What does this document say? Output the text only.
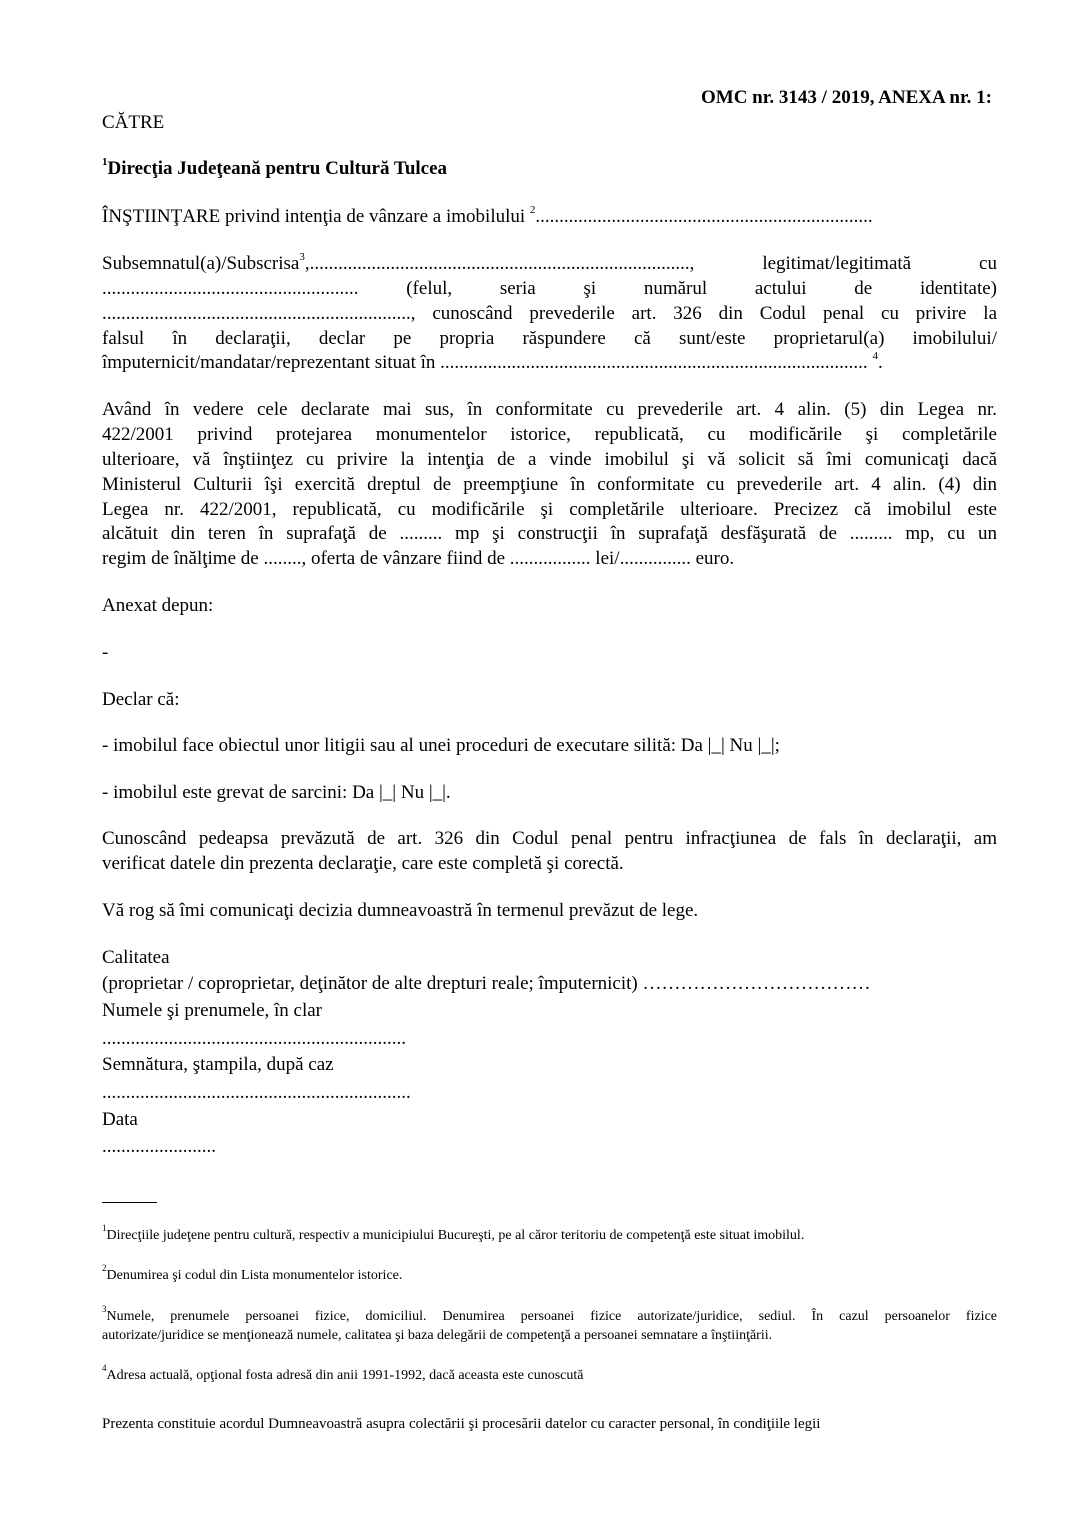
OMC nr. 3143 / 2019, ANEXA nr. 1:
CĂTRE
$^1$Direcţia Judeţeană pentru Cultură Tulcea
ÎNŞTIINŢARE privind intenţia de vânzare a imobilului $^2$.......................................................................
Subsemnatul(a)/Subscrisa$^3$,................................................................................, legitimat/legitimată cu
...................................................... (felul, seria şi numărul actului de identitate)
................................................................., cunoscând prevederile art. 326 din Codul penal cu privire la
falsul în declaraţii, declar pe propria răspundere că sunt/este proprietarul(a) imobilului/
împuternicit/mandatar/reprezentant situat în .......................................................................................... $^4$.
Având în vedere cele declarate mai sus, în conformitate cu prevederile art. 4 alin. (5) din Legea nr.
422/2001 privind protejarea monumentelor istorice, republicată, cu modificările şi completările
ulterioare, vă înştiinţez cu privire la intenţia de a vinde imobilul şi vă solicit să îmi comunicaţi dacă
Ministerul Culturii îşi exercită dreptul de preempţiune în conformitate cu prevederile art. 4 alin. (4) din
Legea nr. 422/2001, republicată, cu modificările şi completările ulterioare. Precizez că imobilul este
alcătuit din teren în suprafaţă de ......... mp şi construcţii în suprafaţă desfăşurată de ......... mp, cu un
regim de înălţime de ........, oferta de vânzare fiind de ................. lei/............... euro.
Anexat depun:
-
Declar că:
- imobilul face obiectul unor litigii sau al unei proceduri de executare silită: Da |_| Nu |_|;
- imobilul este grevat de sarcini: Da |_| Nu |_|.
Cunoscând pedeapsa prevăzută de art. 326 din Codul penal pentru infracţiunea de fals în declaraţii, am
verificat datele din prezenta declaraţie, care este completă şi corectă.
Vă rog să îmi comunicaţi decizia dumneavoastră în termenul prevăzut de lege.
Calitatea
(proprietar / coproprietar, deţinător de alte drepturi reale; împuternicit) ………………………………
Numele şi prenumele, în clar
................................................................
Semnătura, ştampila, după caz
.................................................................
Data
........................
$^1$Direcţiile judeţene pentru cultură, respectiv a municipiului Bucureşti, pe al căror teritoriu de competenţă este situat imobilul.
$^2$Denumirea şi codul din Lista monumentelor istorice.
$^3$Numele, prenumele persoanei fizice, domiciliul. Denumirea persoanei fizice autorizate/juridice, sediul. În cazul persoanelor fizice
autorizate/juridice se menţionează numele, calitatea şi baza delegării de competenţă a persoanei semnatare a înştiinţării.
$^4$Adresa actuală, opţional fosta adresă din anii 1991-1992, dacă aceasta este cunoscută
Prezenta constituie acordul Dumneavoastră asupra colectării şi procesării datelor cu caracter personal, în condiţiile legii
